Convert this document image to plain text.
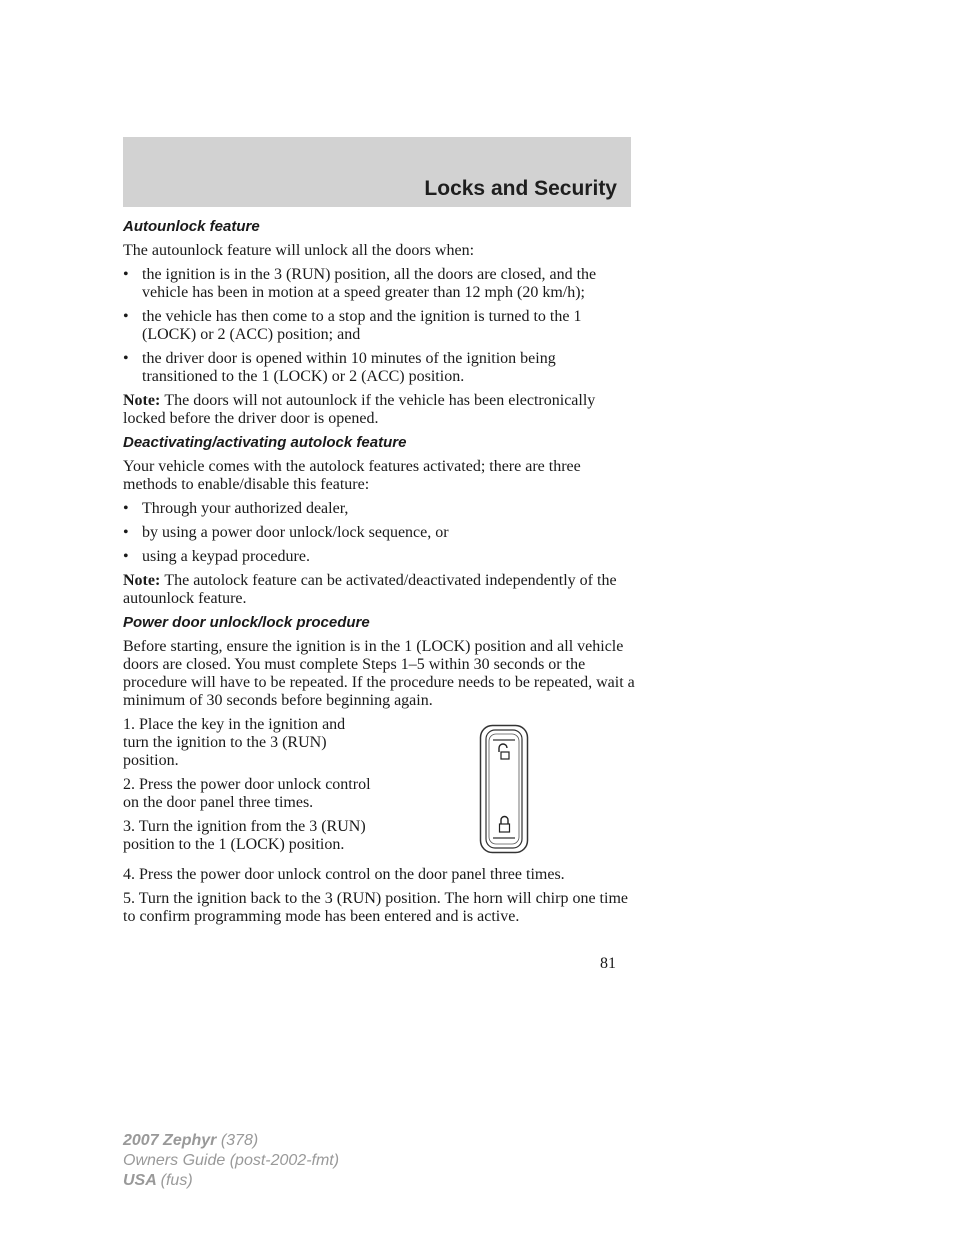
Locks and Security
Autounlock feature

The autounlock feature will unlock all the doors when:

• the ignition is in the 3 (RUN) position, all the doors are closed, and the vehicle has been in motion at a speed greater than 12 mph (20 km/h);
• the vehicle has then come to a stop and the ignition is turned to the 1 (LOCK) or 2 (ACC) position; and
• the driver door is opened within 10 minutes of the ignition being transitioned to the 1 (LOCK) or 2 (ACC) position.

Note: The doors will not autounlock if the vehicle has been electronically locked before the driver door is opened.

Deactivating/activating autolock feature

Your vehicle comes with the autolock features activated; there are three methods to enable/disable this feature:

• Through your authorized dealer,
• by using a power door unlock/lock sequence, or
• using a keypad procedure.

Note: The autolock feature can be activated/deactivated independently of the autounlock feature.

Power door unlock/lock procedure

Before starting, ensure the ignition is in the 1 (LOCK) position and all vehicle doors are closed. You must complete Steps 1–5 within 30 seconds or the procedure will have to be repeated. If the procedure needs to be repeated, wait a minimum of 30 seconds before beginning again.

1. Place the key in the ignition and turn the ignition to the 3 (RUN) position.

2. Press the power door unlock control on the door panel three times.

3. Turn the ignition from the 3 (RUN) position to the 1 (LOCK) position.

4. Press the power door unlock control on the door panel three times.

5. Turn the ignition back to the 3 (RUN) position. The horn will chirp one time to confirm programming mode has been entered and is active.

81
2007 Zephyr (378)
Owners Guide (post-2002-fmt)
USA (fus)
